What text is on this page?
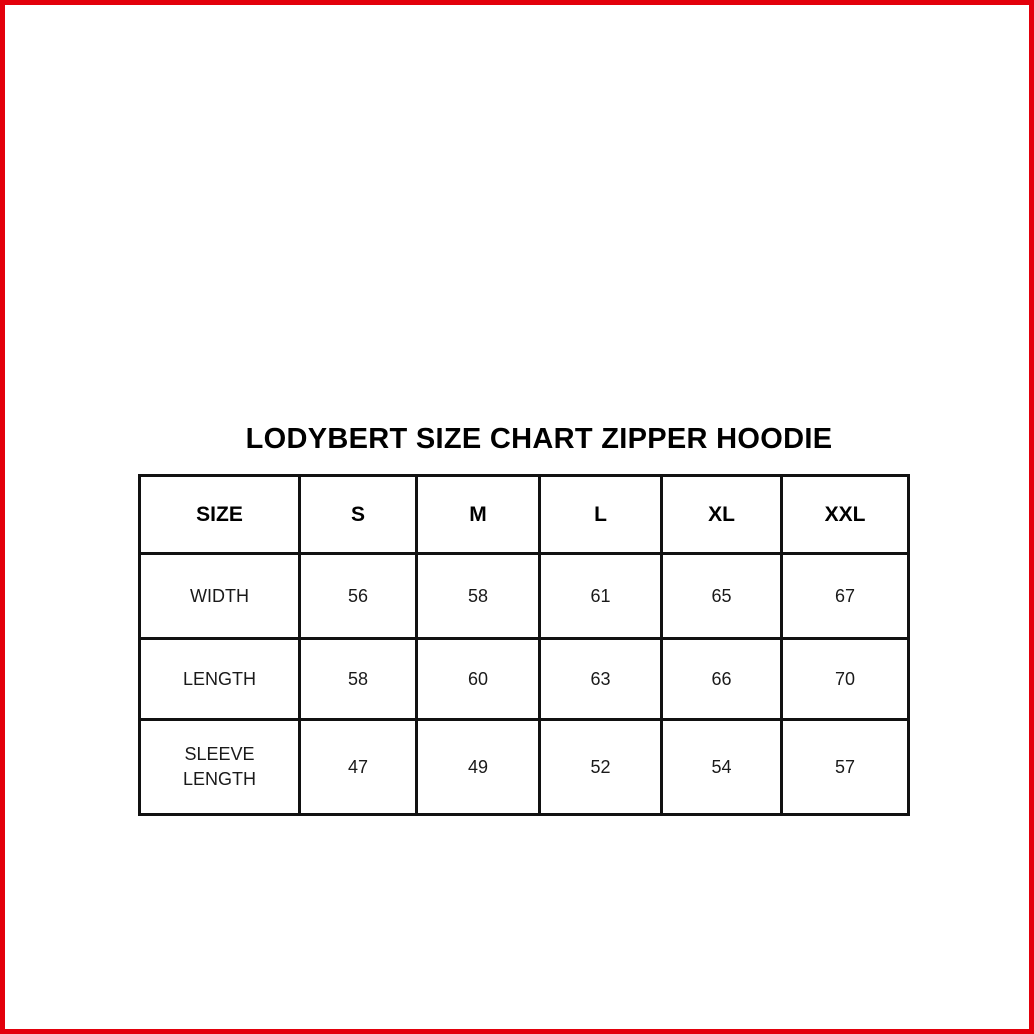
LODYBERT SIZE CHART ZIPPER HOODIE
SIZE	S	M	L	XL	XXL

WIDTH	56	58	61	65	67

LENGTH	58	60	63	66	70

SLEEVE
LENGTH	47	49	52	54	57
